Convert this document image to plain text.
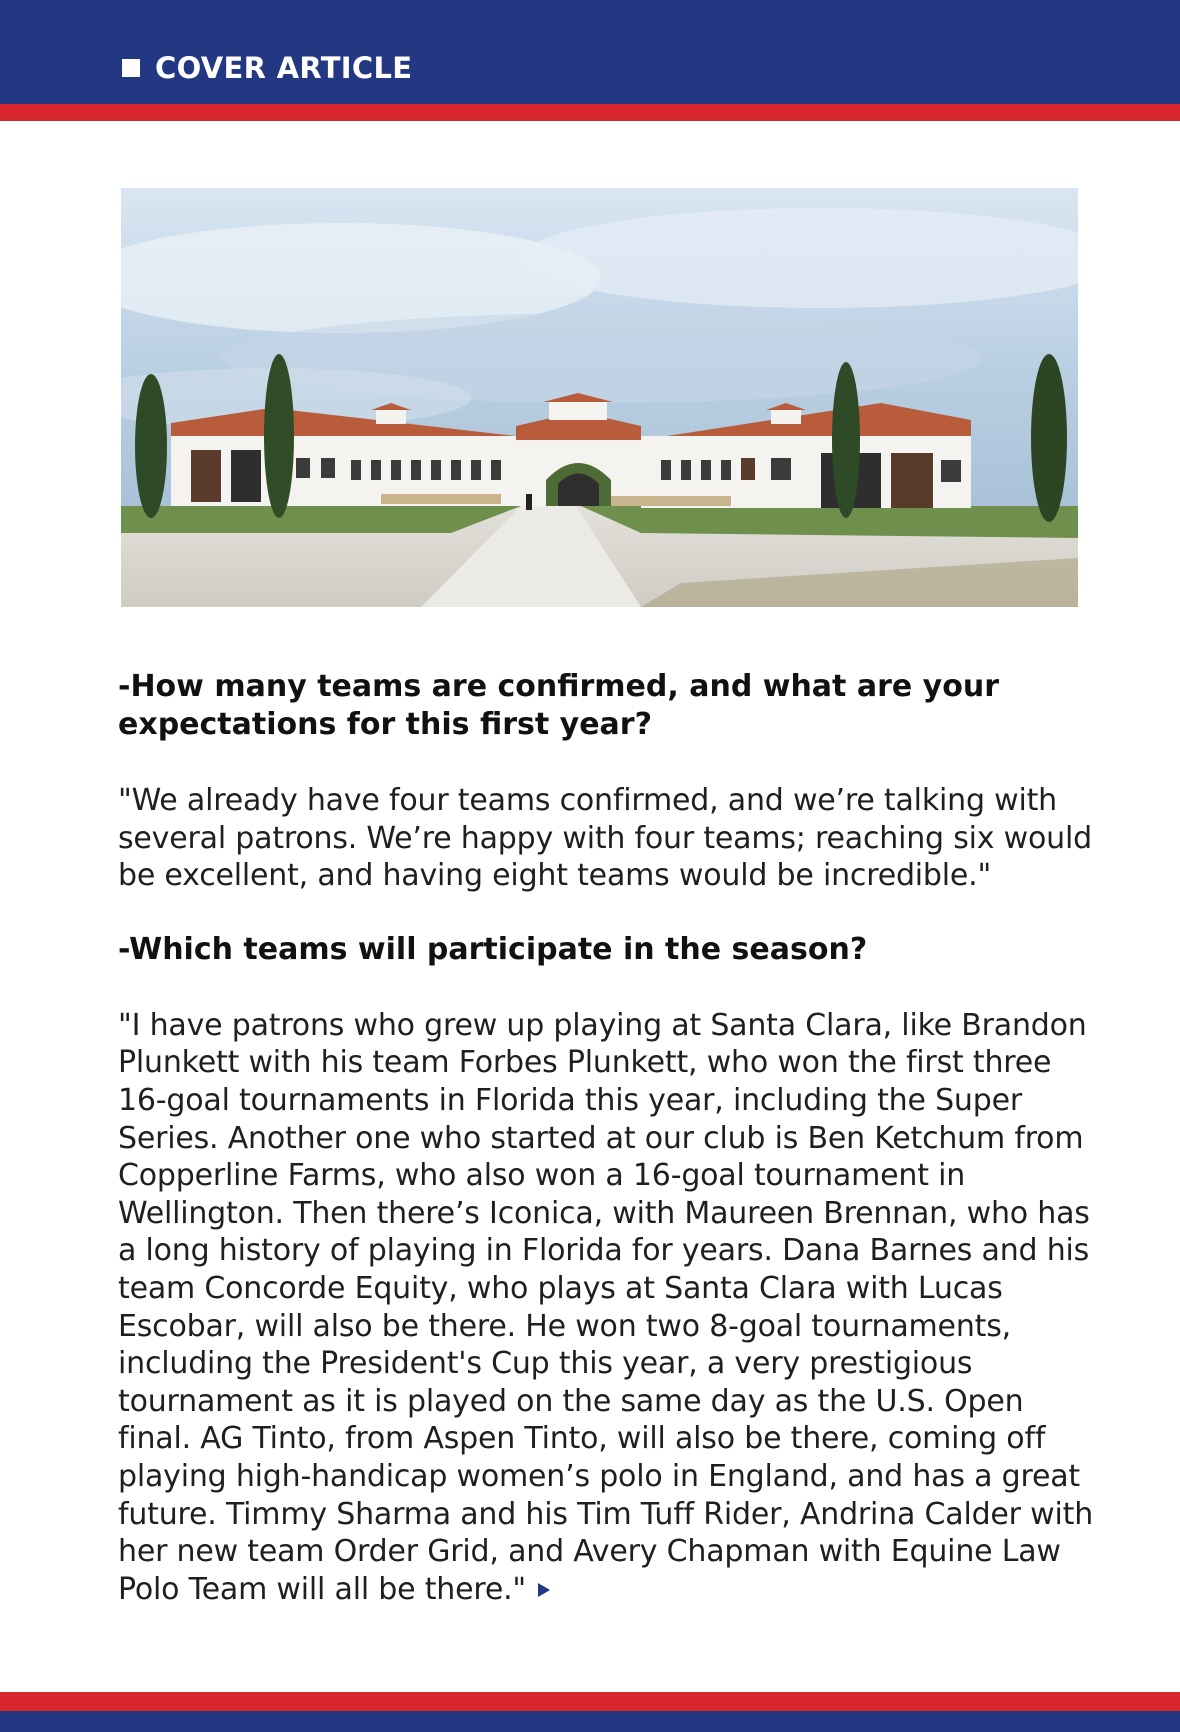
COVER ARTICLE

-How many teams are confirmed, and what are your expectations for this first year?

"We already have four teams confirmed, and we’re talking with several patrons. We’re happy with four teams; reaching six would be excellent, and having eight teams would be incredible."

-Which teams will participate in the season?

"I have patrons who grew up playing at Santa Clara, like Brandon Plunkett with his team Forbes Plunkett, who won the first three 16-goal tournaments in Florida this year, including the Super Series. Another one who started at our club is Ben Ketchum from Copperline Farms, who also won a 16-goal tournament in Wellington. Then there’s Iconica, with Maureen Brennan, who has a long history of playing in Florida for years. Dana Barnes and his team Concorde Equity, who plays at Santa Clara with Lucas Escobar, will also be there. He won two 8-goal tournaments, including the President's Cup this year, a very prestigious tournament as it is played on the same day as the U.S. Open final. AG Tinto, from Aspen Tinto, will also be there, coming off playing high-handicap women’s polo in England, and has a great future. Timmy Sharma and his Tim Tuff Rider, Andrina Calder with her new team Order Grid, and Avery Chapman with Equine Law Polo Team will all be there."
